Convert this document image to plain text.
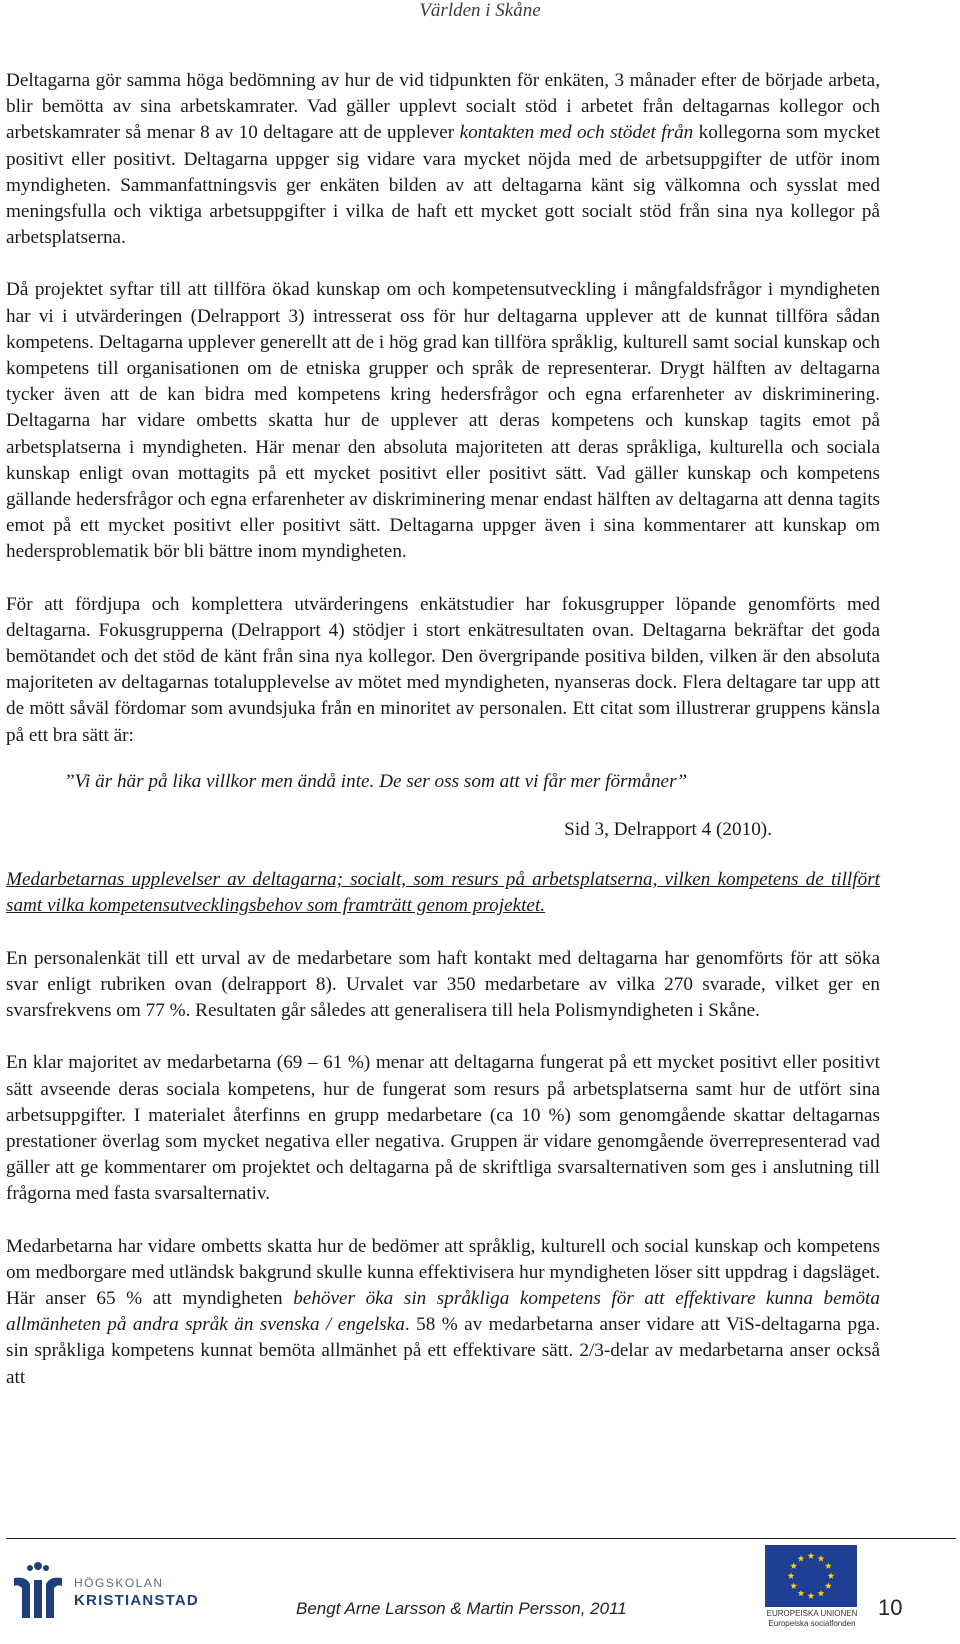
Världen i Skåne

Deltagarna gör samma höga bedömning av hur de vid tidpunkten för enkäten, 3 månader efter de började arbeta, blir bemötta av sina arbetskamrater. Vad gäller upplevt socialt stöd i arbetet från deltagarnas kollegor och arbetskamrater så menar 8 av 10 deltagare att de upplever kontakten med och stödet från kollegorna som mycket positivt eller positivt. Deltagarna uppger sig vidare vara mycket nöjda med de arbetsuppgifter de utför inom myndigheten. Sammanfattningsvis ger enkäten bilden av att deltagarna känt sig välkomna och sysslat med meningsfulla och viktiga arbetsuppgifter i vilka de haft ett mycket gott socialt stöd från sina nya kollegor på arbetsplatserna.

Då projektet syftar till att tillföra ökad kunskap om och kompetensutveckling i mångfaldsfrågor i myndigheten har vi i utvärderingen (Delrapport 3) intresserat oss för hur deltagarna upplever att de kunnat tillföra sådan kompetens. Deltagarna upplever generellt att de i hög grad kan tillföra språklig, kulturell samt social kunskap och kompetens till organisationen om de etniska grupper och språk de representerar. Drygt hälften av deltagarna tycker även att de kan bidra med kompetens kring hedersfrågor och egna erfarenheter av diskriminering. Deltagarna har vidare ombetts skatta hur de upplever att deras kompetens och kunskap tagits emot på arbetsplatserna i myndigheten. Här menar den absoluta majoriteten att deras språkliga, kulturella och sociala kunskap enligt ovan mottagits på ett mycket positivt eller positivt sätt. Vad gäller kunskap och kompetens gällande hedersfrågor och egna erfarenheter av diskriminering menar endast hälften av deltagarna att denna tagits emot på ett mycket positivt eller positivt sätt. Deltagarna uppger även i sina kommentarer att kunskap om hedersproblematik bör bli bättre inom myndigheten.

För att fördjupa och komplettera utvärderingens enkätstudier har fokusgrupper löpande genomförts med deltagarna. Fokusgrupperna (Delrapport 4) stödjer i stort enkätresultaten ovan. Deltagarna bekräftar det goda bemötandet och det stöd de känt från sina nya kollegor. Den övergripande positiva bilden, vilken är den absoluta majoriteten av deltagarnas totalupplevelse av mötet med myndigheten, nyanseras dock. Flera deltagare tar upp att de mött såväl fördomar som avundsjuka från en minoritet av personalen. Ett citat som illustrerar gruppens känsla på ett bra sätt är:

”Vi är här på lika villkor men ändå inte. De ser oss som att vi får mer förmåner”
Sid 3, Delrapport 4 (2010).

Medarbetarnas upplevelser av deltagarna; socialt, som resurs på arbetsplatserna, vilken kompetens de tillfört samt vilka kompetensutvecklingsbehov som framträtt genom projektet.

En personalenkät till ett urval av de medarbetare som haft kontakt med deltagarna har genomförts för att söka svar enligt rubriken ovan (delrapport 8). Urvalet var 350 medarbetare av vilka 270 svarade, vilket ger en svarsfrekvens om 77 %. Resultaten går således att generalisera till hela Polismyndigheten i Skåne.

En klar majoritet av medarbetarna (69 – 61 %) menar att deltagarna fungerat på ett mycket positivt eller positivt sätt avseende deras sociala kompetens, hur de fungerat som resurs på arbetsplatserna samt hur de utfört sina arbetsuppgifter. I materialet återfinns en grupp medarbetare (ca 10 %) som genomgående skattar deltagarnas prestationer överlag som mycket negativa eller negativa. Gruppen är vidare genomgående överrepresenterad vad gäller att ge kommentarer om projektet och deltagarna på de skriftliga svarsalternativen som ges i anslutning till frågorna med fasta svarsalternativ.

Medarbetarna har vidare ombetts skatta hur de bedömer att språklig, kulturell och social kunskap och kompetens om medborgare med utländsk bakgrund skulle kunna effektivisera hur myndigheten löser sitt uppdrag i dagsläget. Här anser 65 % att myndigheten behöver öka sin språkliga kompetens för att effektivare kunna bemöta allmänheten på andra språk än svenska / engelska. 58 % av medarbetarna anser vidare att ViS-deltagarna pga. sin språkliga kompetens kunnat bemöta allmänhet på ett effektivare sätt. 2/3-delar av medarbetarna anser också att

HÖGSKOLAN
KRISTIANSTAD	Bengt Arne Larsson & Martin Persson, 2011	EUROPEISKA UNIONEN
Europeiska socialfonden
10
